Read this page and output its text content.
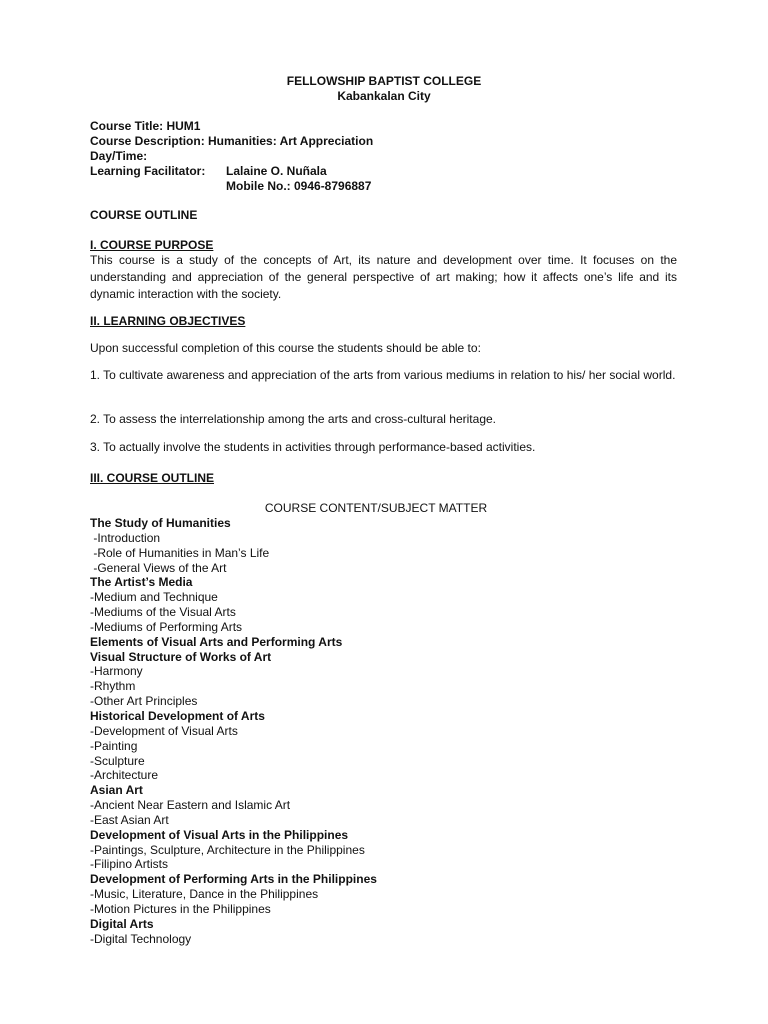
FELLOWSHIP BAPTIST COLLEGE
Kabankalan City
Course Title: HUM1
Course Description: Humanities: Art Appreciation
Day/Time:
Learning Facilitator: Lalaine O. Nuñala
Mobile No.: 0946-8796887
COURSE OUTLINE
I. COURSE PURPOSE
This course is a study of the concepts of Art, its nature and development over time. It focuses on the understanding and appreciation of the general perspective of art making; how it affects one’s life and its dynamic interaction with the society.
II. LEARNING OBJECTIVES
Upon successful completion of this course the students should be able to:
1. To cultivate awareness and appreciation of the arts from various mediums in relation to his/ her social world.
2. To assess the interrelationship among the arts and cross-cultural heritage.
3. To actually involve the students in activities through performance-based activities.
III. COURSE OUTLINE
COURSE CONTENT/SUBJECT MATTER
The Study of Humanities
-Introduction
-Role of Humanities in Man’s Life
-General Views of the Art
The Artist’s Media
-Medium and Technique
-Mediums of the Visual Arts
-Mediums of Performing Arts
Elements of Visual Arts and Performing Arts
Visual Structure of Works of Art
-Harmony
-Rhythm
-Other Art Principles
Historical Development of Arts
-Development of Visual Arts
-Painting
-Sculpture
-Architecture
Asian Art
-Ancient Near Eastern and Islamic Art
-East Asian Art
Development of Visual Arts in the Philippines
-Paintings, Sculpture, Architecture in the Philippines
-Filipino Artists
Development of Performing Arts in the Philippines
-Music, Literature, Dance in the Philippines
-Motion Pictures in the Philippines
Digital Arts
-Digital Technology
